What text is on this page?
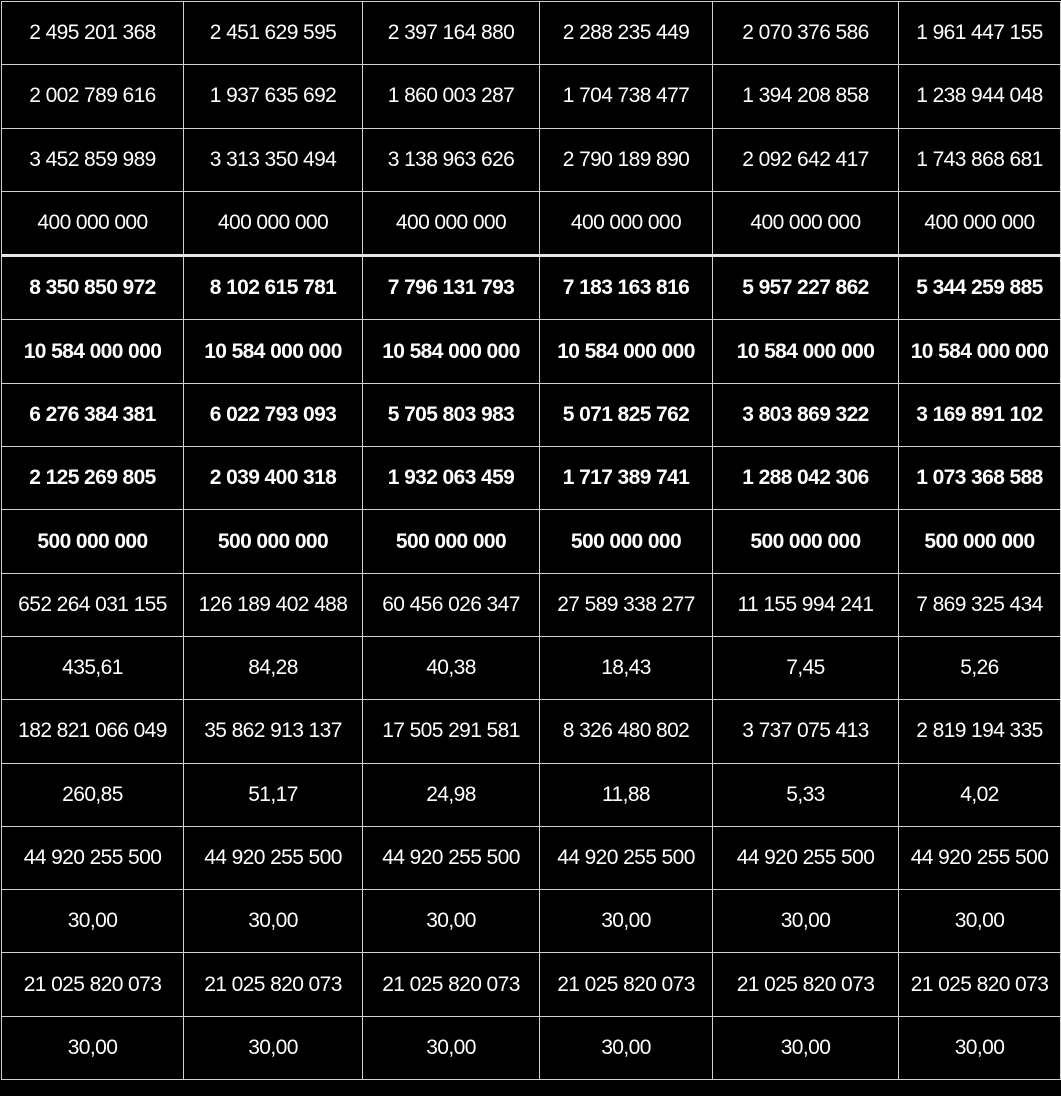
2 495 201 368	2 451 629 595	2 397 164 880	2 288 235 449	2 070 376 586	1 961 447 155
2 002 789 616	1 937 635 692	1 860 003 287	1 704 738 477	1 394 208 858	1 238 944 048
3 452 859 989	3 313 350 494	3 138 963 626	2 790 189 890	2 092 642 417	1 743 868 681
400 000 000	400 000 000	400 000 000	400 000 000	400 000 000	400 000 000
8 350 850 972	8 102 615 781	7 796 131 793	7 183 163 816	5 957 227 862	5 344 259 885
10 584 000 000	10 584 000 000	10 584 000 000	10 584 000 000	10 584 000 000	10 584 000 000
6 276 384 381	6 022 793 093	5 705 803 983	5 071 825 762	3 803 869 322	3 169 891 102
2 125 269 805	2 039 400 318	1 932 063 459	1 717 389 741	1 288 042 306	1 073 368 588
500 000 000	500 000 000	500 000 000	500 000 000	500 000 000	500 000 000
652 264 031 155	126 189 402 488	60 456 026 347	27 589 338 277	11 155 994 241	7 869 325 434
435,61	84,28	40,38	18,43	7,45	5,26
182 821 066 049	35 862 913 137	17 505 291 581	8 326 480 802	3 737 075 413	2 819 194 335
260,85	51,17	24,98	11,88	5,33	4,02
44 920 255 500	44 920 255 500	44 920 255 500	44 920 255 500	44 920 255 500	44 920 255 500
30,00	30,00	30,00	30,00	30,00	30,00
21 025 820 073	21 025 820 073	21 025 820 073	21 025 820 073	21 025 820 073	21 025 820 073
30,00	30,00	30,00	30,00	30,00	30,00
